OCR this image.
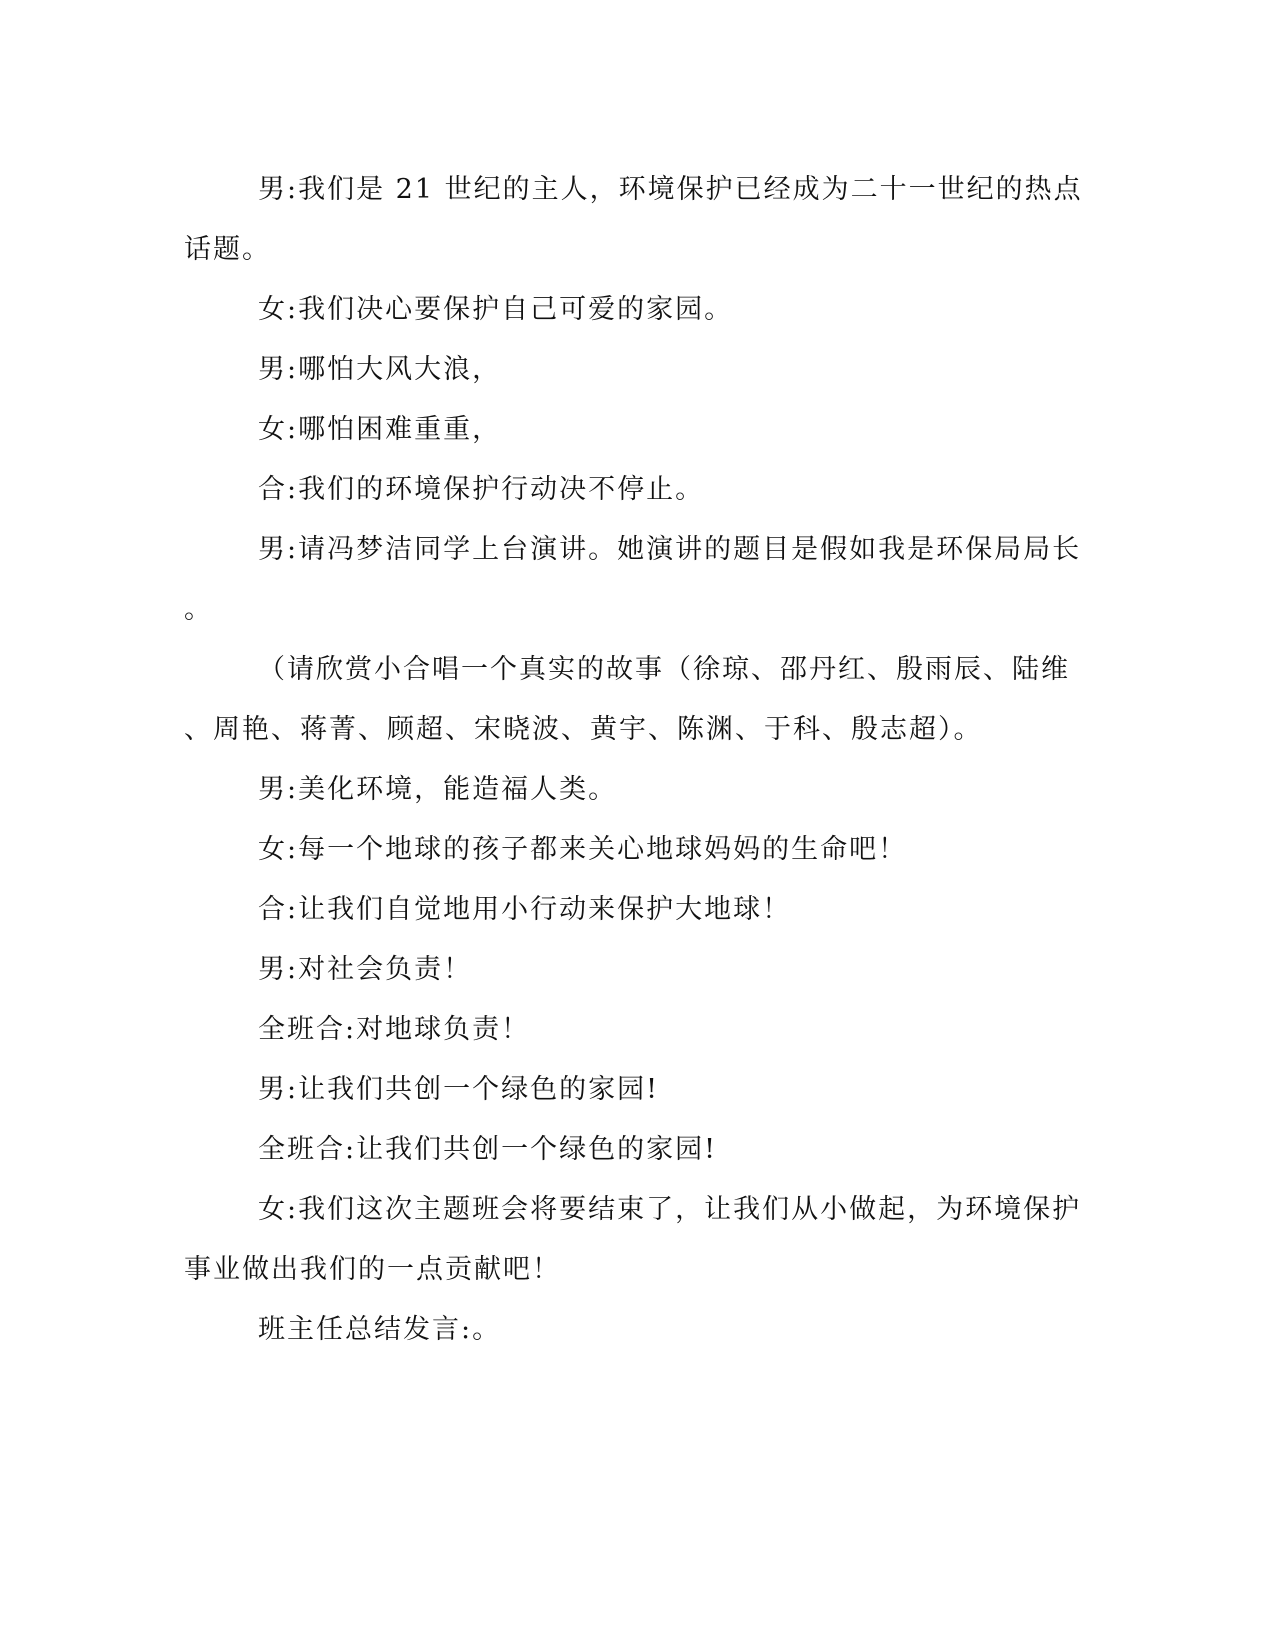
男:我们是 21 世纪的主人，环境保护已经成为二十一世纪的热点
话题。
女:我们决心要保护自己可爱的家园。
男:哪怕大风大浪，
女:哪怕困难重重，
合:我们的环境保护行动决不停止。
男:请冯梦洁同学上台演讲。她演讲的题目是假如我是环保局局长
。
（请欣赏小合唱一个真实的故事（徐琼、邵丹红、殷雨辰、陆维
、周艳、蒋菁、顾超、宋晓波、黄宇、陈渊、于科、殷志超）。
男:美化环境，能造福人类。
女:每一个地球的孩子都来关心地球妈妈的生命吧！
合:让我们自觉地用小行动来保护大地球！
男:对社会负责！
全班合:对地球负责！
男:让我们共创一个绿色的家园!
全班合:让我们共创一个绿色的家园!
女:我们这次主题班会将要结束了，让我们从小做起，为环境保护
事业做出我们的一点贡献吧！
班主任总结发言:。
